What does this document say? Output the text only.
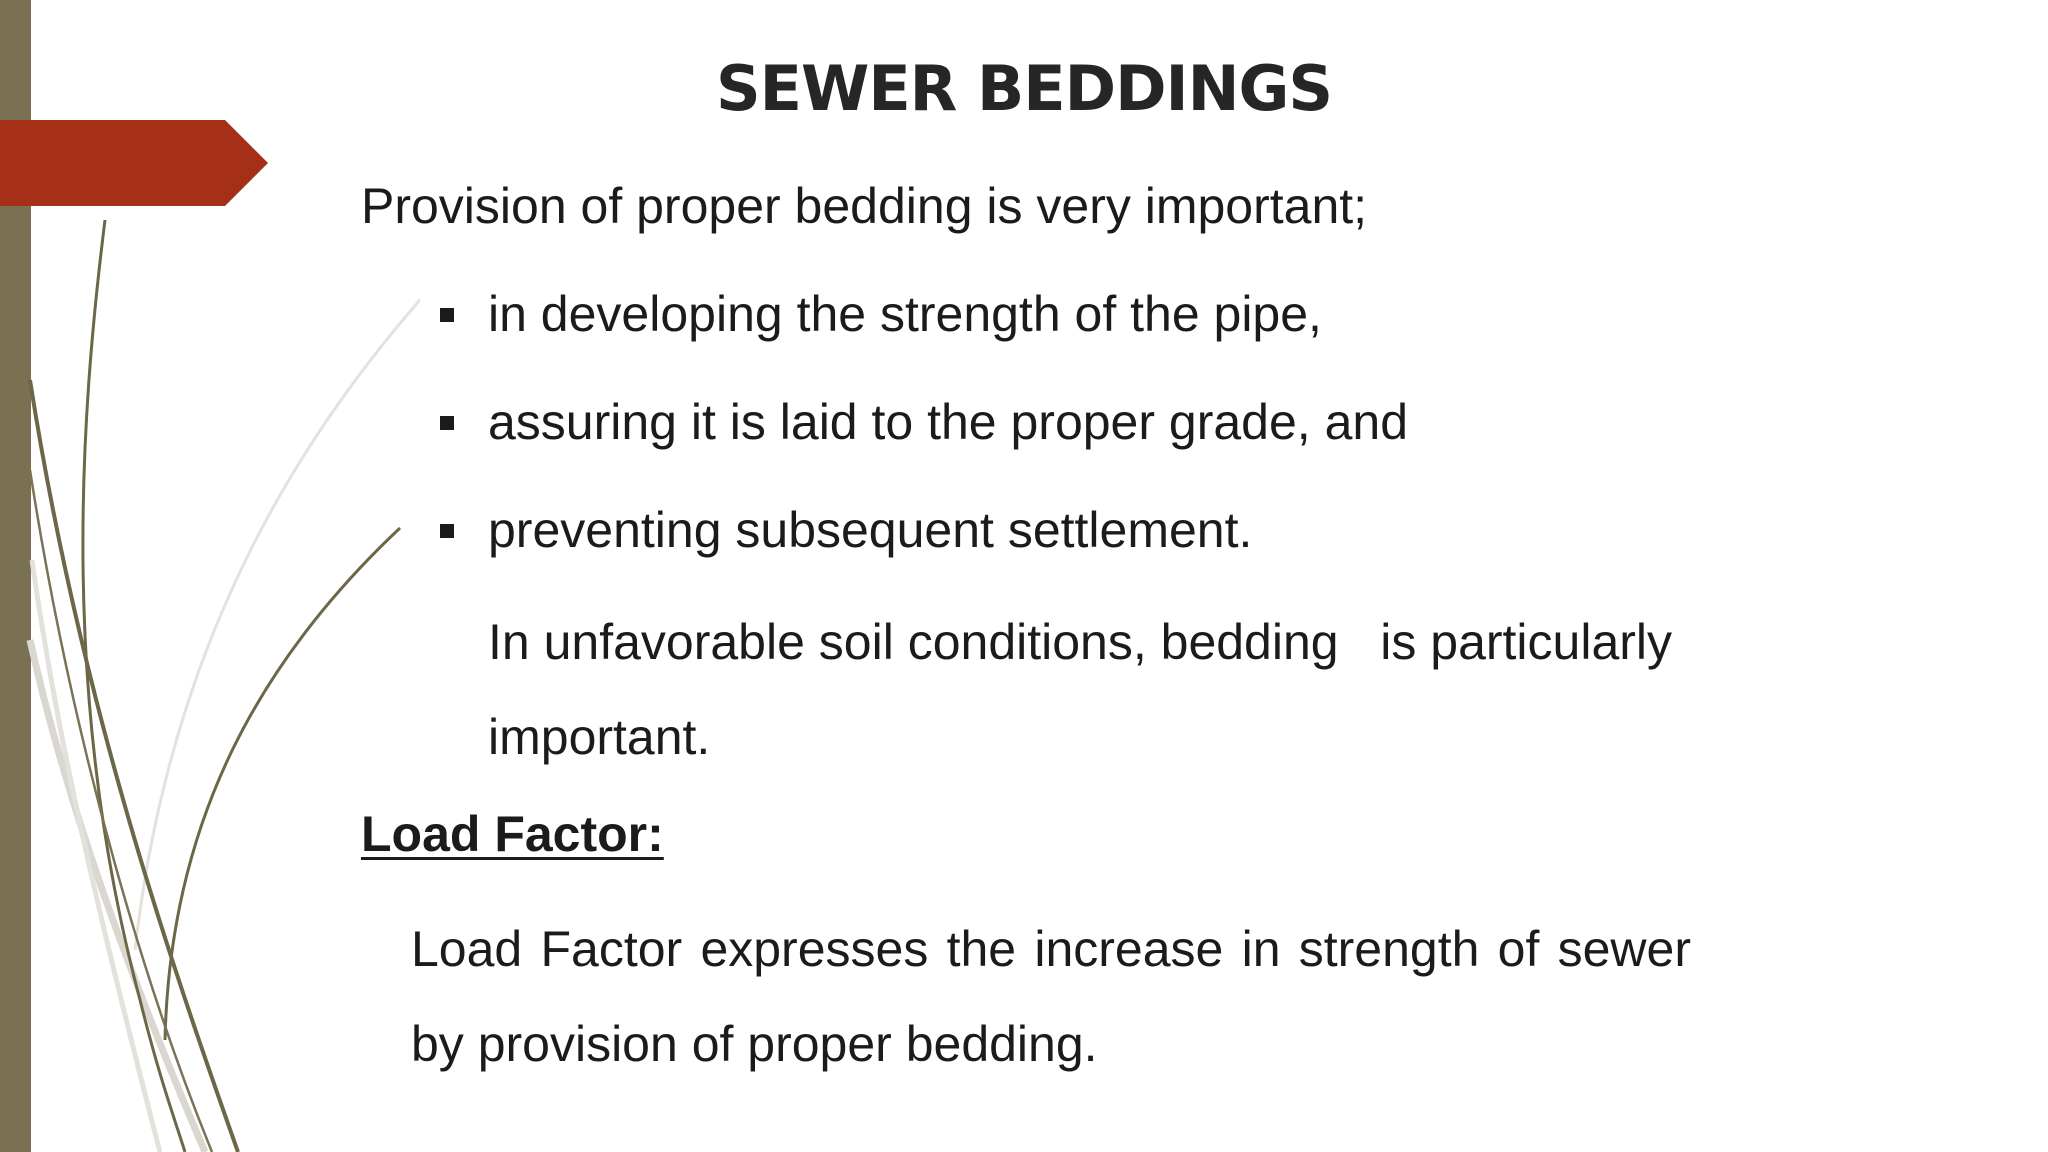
SEWER BEDDINGS

Provision of proper bedding is very important;

in developing the strength of the pipe,
assuring it is laid to the proper grade, and
preventing subsequent settlement.

In unfavorable soil conditions, bedding   is particularly important.

Load Factor:

Load Factor expresses the increase in strength of sewer by provision of proper bedding.
